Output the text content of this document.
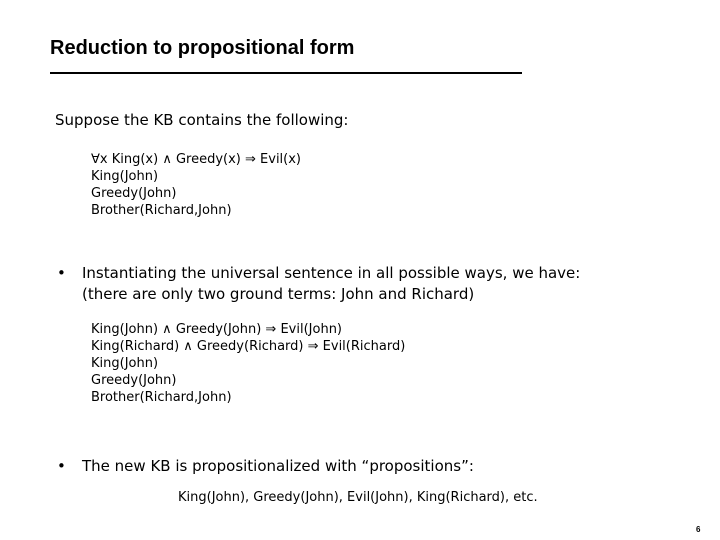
Reduction to propositional form
Suppose the KB contains the following:
∀x King(x) ∧ Greedy(x) ⇒ Evil(x)
King(John)
Greedy(John)
Brother(Richard,John)
• Instantiating the universal sentence in all possible ways, we have:
(there are only two ground terms: John and Richard)
King(John) ∧ Greedy(John) ⇒ Evil(John)
King(Richard) ∧ Greedy(Richard) ⇒ Evil(Richard)
King(John)
Greedy(John)
Brother(Richard,John)
• The new KB is propositionalized with “propositions”:
King(John), Greedy(John), Evil(John), King(Richard), etc.
6
